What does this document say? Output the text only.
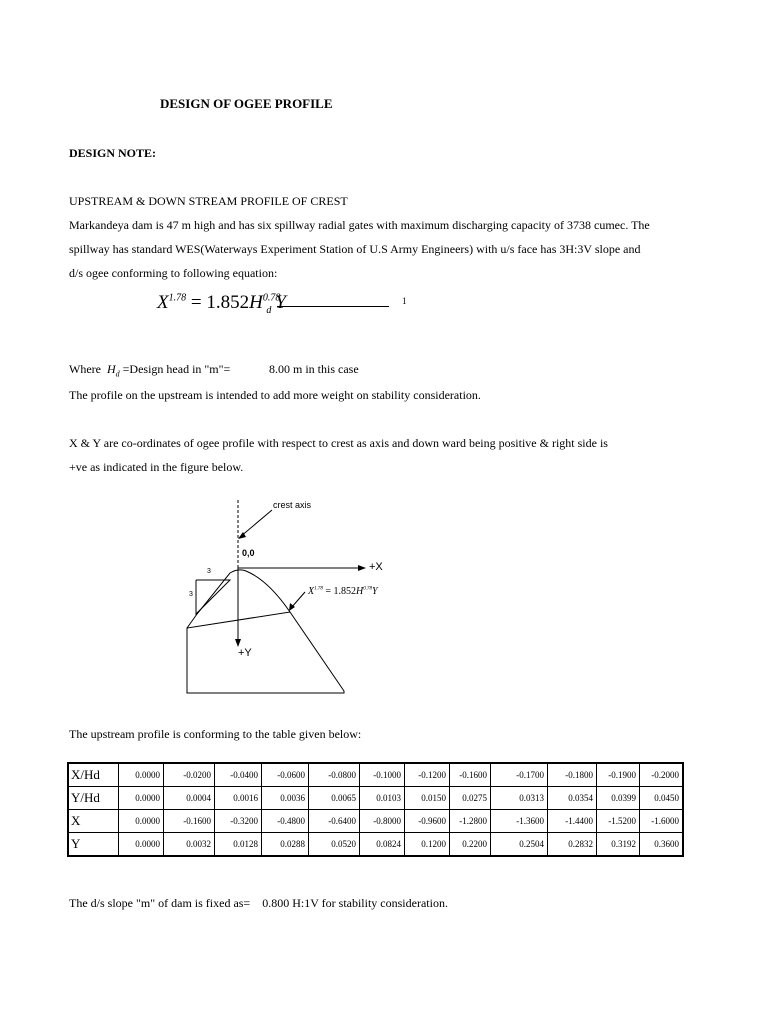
DESIGN OF OGEE PROFILE
DESIGN NOTE:
UPSTREAM & DOWN STREAM PROFILE OF CREST
Markandeya dam is 47 m high and has six spillway radial gates with maximum discharging capacity of 3738 cumec. The
spillway has standard WES(Waterways Experiment Station of U.S Army Engineers) with u/s face has 3H:3V slope and
d/s ogee conforming to following equation:
$X^{1.78} = 1.852H^{0.78}_d$ Y	1
Where $H_d$ =Design head in "m"=	8.00 m in this case
The profile on the upstream is intended to add more weight on stability consideration.
X & Y are co-ordinates of ogee profile with respect to crest as axis and down ward being positive & right side is
+ve as indicated in the figure below.
crest axis
0,0
+X
+Y
3
3	$X^{1.78} = 1.852H^{0.78}Y$
The upstream profile is conforming to the table given below:
X/Hd	0.0000	-0.0200	-0.0400	-0.0600	-0.0800	-0.1000	-0.1200	-0.1600	-0.1700	-0.1800	-0.1900	-0.2000
Y/Hd	0.0000	0.0004	0.0016	0.0036	0.0065	0.0103	0.0150	0.0275	0.0313	0.0354	0.0399	0.0450
X	0.0000	-0.1600	-0.3200	-0.4800	-0.6400	-0.8000	-0.9600	-1.2800	-1.3600	-1.4400	-1.5200	-1.6000
Y	0.0000	0.0032	0.0128	0.0288	0.0520	0.0824	0.1200	0.2200	0.2504	0.2832	0.3192	0.3600
The d/s slope "m" of dam is fixed as= 0.800 H:1V for stability consideration.
